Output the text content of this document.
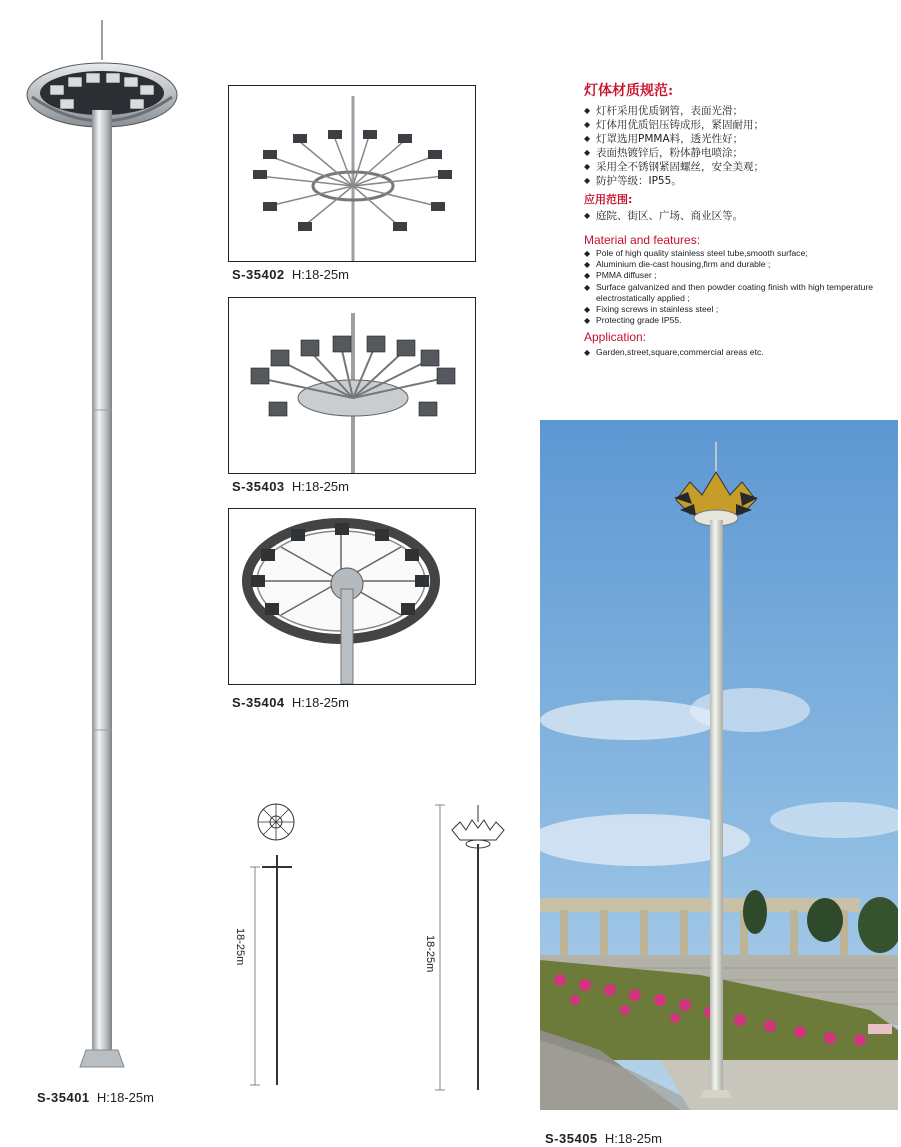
S-35401 H:18-25m
S-35402 H:18-25m
S-35403 H:18-25m
S-35404 H:18-25m
18-25m	18-25m
灯体材质规范:
◆ 灯杆采用优质钢管，表面光滑；
◆ 灯体用优质铝压铸成形，紧固耐用；
◆ 灯罩选用PMMA料，透光性好；
◆ 表面热镀锌后，粉体静电喷涂；
◆ 采用全不锈钢紧固螺丝，安全美观；
◆ 防护等级：IP55。
应用范围:
◆ 庭院、街区、广场、商业区等。
Material and features:
◆ Pole of high quality stainless steel tube,smooth surface;
◆ Aluminium die-cast housing,firm and durable ;
◆ PMMA diffuser ;
◆ Surface galvanized and then powder coating finish with high temperature electrostatically applied ;
◆ Fixing screws in stainless steel ;
◆ Protecting grade IP55.
Application:
◆ Garden,street,square,commercial areas etc.
S-35405 H:18-25m
